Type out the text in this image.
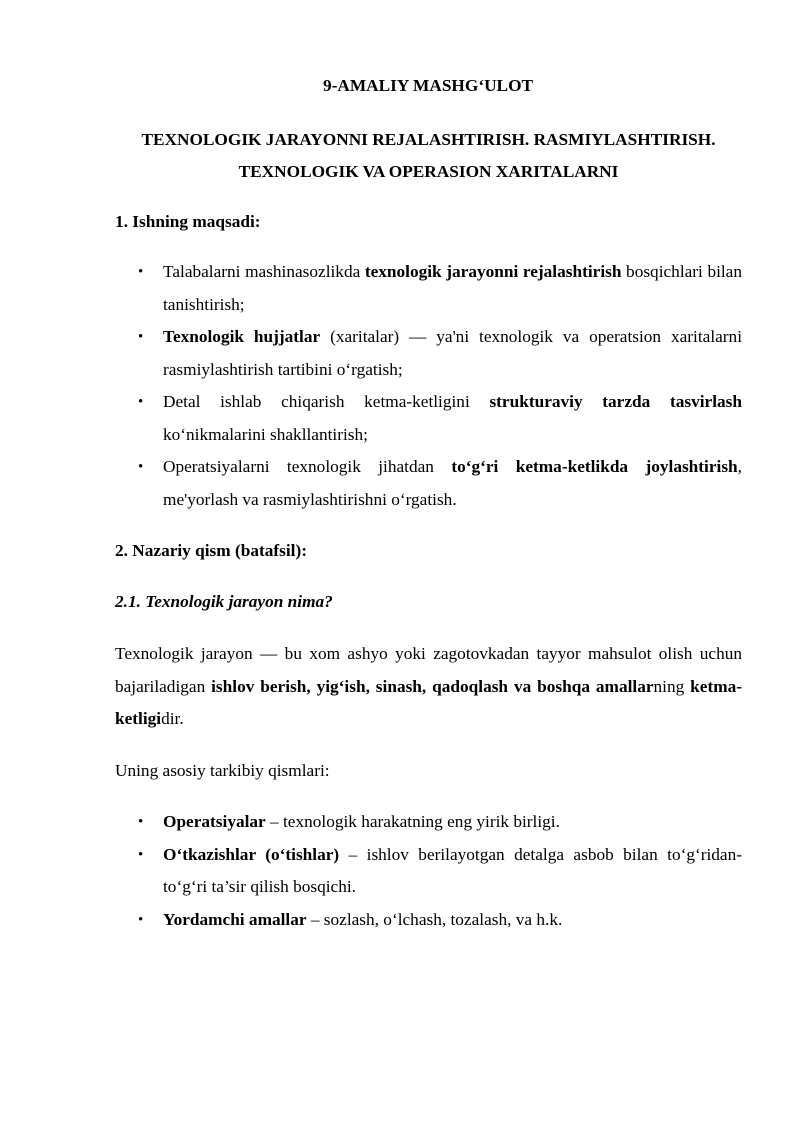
9-AMALIY MASHG‘ULOT

TEXNOLOGIK JARAYONNI REJALASHTIRISH. RASMIYLASHTIRISH.
TEXNOLOGIK VA OPERASION XARITALARNI

1. Ishning maqsadi:

• Talabalarni mashinasozlikda texnologik jarayonni rejalashtirish bosqichlari bilan tanishtirish;
• Texnologik hujjatlar (xaritalar) — ya'ni texnologik va operatsion xaritalarni rasmiylashtirish tartibini o‘rgatish;
• Detal ishlab chiqarish ketma-ketligini strukturaviy tarzda tasvirlash ko‘nikmalarini shakllantirish;
• Operatsiyalarni texnologik jihatdan to‘g‘ri ketma-ketlikda joylashtirish, me'yorlash va rasmiylashtirishni o‘rgatish.

2. Nazariy qism (batafsil):

2.1. Texnologik jarayon nima?

Texnologik jarayon — bu xom ashyo yoki zagotovkadan tayyor mahsulot olish uchun bajariladigan ishlov berish, yig‘ish, sinash, qadoqlash va boshqa amallarning ketma-ketligidir.

Uning asosiy tarkibiy qismlari:

• Operatsiyalar – texnologik harakatning eng yirik birligi.
• O‘tkazishlar (o‘tishlar) – ishlov berilayotgan detalga asbob bilan to‘g‘ridan-to‘g‘ri ta’sir qilish bosqichi.
• Yordamchi amallar – sozlash, o‘lchash, tozalash, va h.k.
